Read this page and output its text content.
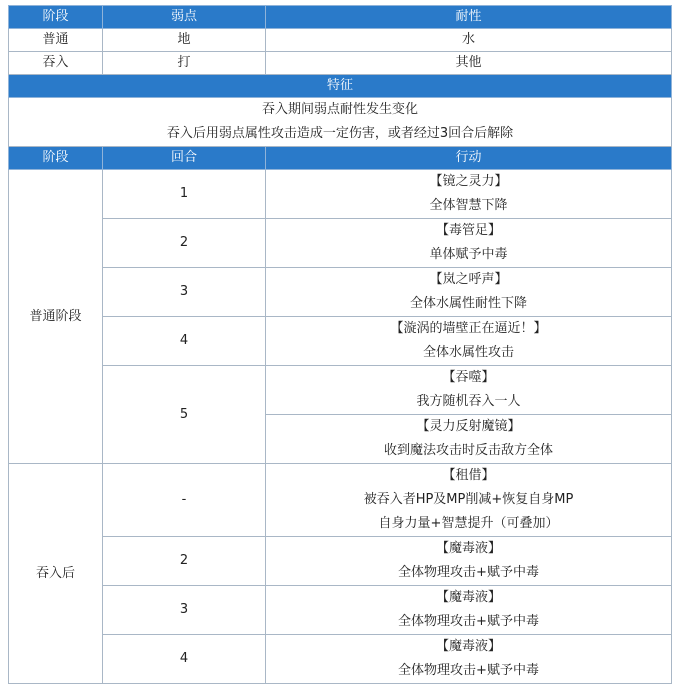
阶段	弱点	耐性
普通	地	水
吞入	打	其他
特征		

吞入期间弱点耐性发生变化
吞入后用弱点属性攻击造成一定伤害，或者经过3回合后解除		

阶段	回合	行动
普通阶段	1	【镜之灵力】
全体智慧下降

	2	【毒管足】
单体赋予中毒

	3	【岚之呼声】
全体水属性耐性下降

	4	【漩涡的墙壁正在逼近！】
全体水属性攻击

	5	【吞噬】
我方随机吞入一人

		【灵力反射魔镜】
收到魔法攻击时反击敌方全体

吞入后	-	【租借】
被吞入者HP及MP削减+恢复自身MP
自身力量+智慧提升（可叠加）

	2	【魔毒液】
全体物理攻击+赋予中毒

	3	【魔毒液】
全体物理攻击+赋予中毒

	4	【魔毒液】
全体物理攻击+赋予中毒
